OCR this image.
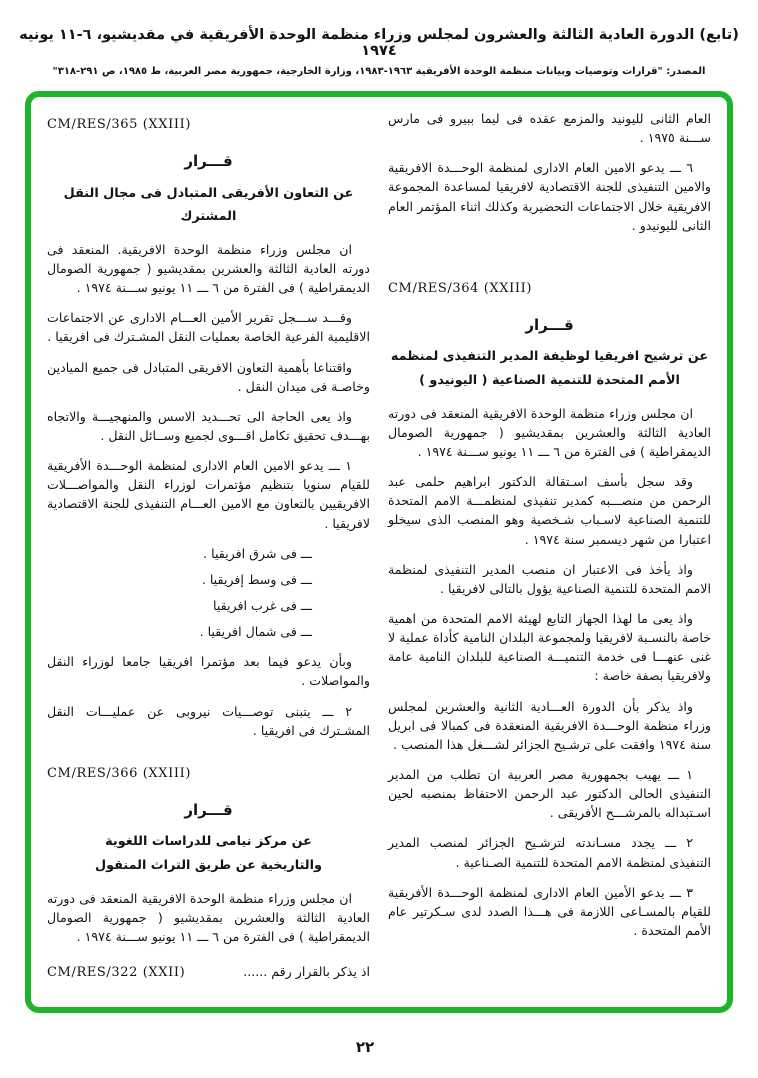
(تابع) الدورة العادية الثالثة والعشرون لمجلس وزراء منظمة الوحدة الأفريقية في مقديشيو، ٦-١١ يونيه ١٩٧٤
المصدر: "قرارات وتوصيات وبيانات منظمة الوحدة الأفريقية ١٩٦٣-١٩٨٣، وزارة الخارجية، جمهورية مصر العربية، ط ١٩٨٥، ص ٢٩١-٣١٨"

العام الثانى لليونيد والمزمع عقده فى ليما ببيرو فى مارس ســـنة ١٩٧٥ .

٦ ـــ يدعو الامين العام الادارى لمنظمة الوحـــدة الافريقية والامين التنفيذى للجنة الاقتصادية لافريقيا لمساعدة المجموعة الافريقية خلال الاجتماعات التحضيرية وكذلك اثناء المؤتمر العام الثانى لليونيدو .

CM/RES/364 (XXIII)
قـــرار
عن ترشيح افريقيا لوظيفة المدير التنفيذى لمنظمه
الأمم المتحدة للتنمية الصناعية ( اليونيدو )

ان مجلس وزراء منظمة الوحدة الافريقية المنعقد فى دورته العادية الثالثة والعشرين بمقديشيو ( جمهورية الصومال الديمقراطية ) فى الفترة من ٦ ـــ ١١ يونيو ســـنة ١٩٧٤ .

وقد سجل بأسف اسـتقالة الدكتور ابراهيم حلمى عبد الرحمن من منصـــبه كمدير تنفيذى لمنظمـــة الامم المتحدة للتنمية الصناعية لاسـباب شـخصية وهو المنصب الذى سيخلو اعتبارا من شهر ديسمبر سنة ١٩٧٤ .

واذ يأخذ فى الاعتبار ان منصب المدير التنفيذى لمنظمة الامم المتحدة للتنمية الصناعية يؤول بالتالى لافريقيا .

واذ يعى ما لهذا الجهاز التابع لهيئة الامم المتحدة من اهمية خاصة بالنسـبة لافريقيا ولمجموعة البلدان النامية كأداة عملية لا غنى عنهـــا فى خدمة التنميـــة الصناعية للبلدان النامية عامة ولافريقيا بصفة خاصة :

واذ يذكر بأن الدورة العـــادية الثانية والعشرين لمجلس وزراء منظمة الوحـــدة الافريقية المنعقدة فى كمبالا فى ابريل سنة ١٩٧٤ وافقت على ترشـيح الجزائر لشـــغل هذا المنصب .

١ ـــ يهيب بجمهورية مصر العربية ان تطلب من المدير التنفيذى الحالى الدكتور عبد الرحمن الاحتفاظ بمنصبه لحين اسـتبداله بالمرشـــح الأفريقى .

٢ ـــ يجدد مسـاندته لترشـيح الجزائر لمنصب المدير التنفيذى لمنظمة الامم المتحدة للتنمية الصـناعية .

٣ ـــ يدعو الأمين العام الادارى لمنظمة الوحـــدة الأفريقية للقيام بالمسـاعى اللازمة فى هـــذا الصدد لدى سـكرتير عام الأمم المتحدة .

CM/RES/365 (XXIII)
قـــرار
عن التعاون الأفريقى المتبادل فى مجال النقل المشترك

ان مجلس وزراء منظمة الوحدة الافريقية. المنعقد فى دورته العادية الثالثة والعشرين بمقديشيو ( جمهورية الصومال الديمقراطية ) فى الفترة من ٦ ـــ ١١ يونيو ســـنة ١٩٧٤ .

وقـــد ســـجل تقرير الأمين العـــام الادارى عن الاجتماعات الاقليمية الفرعية الخاصة بعمليات النقل المشـترك فى افريقيا .

واقتناعا بأهمية التعاون الافريقى المتبادل فى جميع الميادين وخاصـة فى ميدان النقل .

واذ يعى الحاجة الى تحـــديد الاسس والمنهجيـــة والاتجاه بهـــدف تحقيق تكامل اقـــوى لجميع وســائل النقل .

١ ـــ يدعو الامين العام الادارى لمنظمة الوحـــدة الأفريقية للقيام سنويا بتنظيم مؤتمرات لوزراء النقل والمواصـــلات الافريقيين بالتعاون مع الامين العـــام التنفيذى للجنة الاقتصادية لافريقيا .

ـــ فى شرق افريقيا .
ـــ فى وسط إفريقيا .
ـــ فى غرب افريقيا
ـــ فى شمال افريقيا .

وبأن يدعو فيما بعد مؤتمرا افريقيا جامعا لوزراء النقل والمواصلات .

٢ ـــ يتبنى توصـــيات نيروبى عن عمليـــات النقل المشـترك فى افريقيا .

CM/RES/366 (XXIII)
قـــرار
عن مركز نيامى للدراسات اللغوية
والتاريخية عن طريق التراث المنقول

ان مجلس وزراء منظمة الوحدة الافريقية المنعقد فى دورته العادية الثالثة والعشرين بمقديشيو ( جمهورية الصومال الديمقراطية ) فى الفترة من ٦ ـــ ١١ يونيو ســـنة ١٩٧٤ .

CM/RES/322 (XXII)	اذ يذكر بالقرار رقم ......
٢٢
